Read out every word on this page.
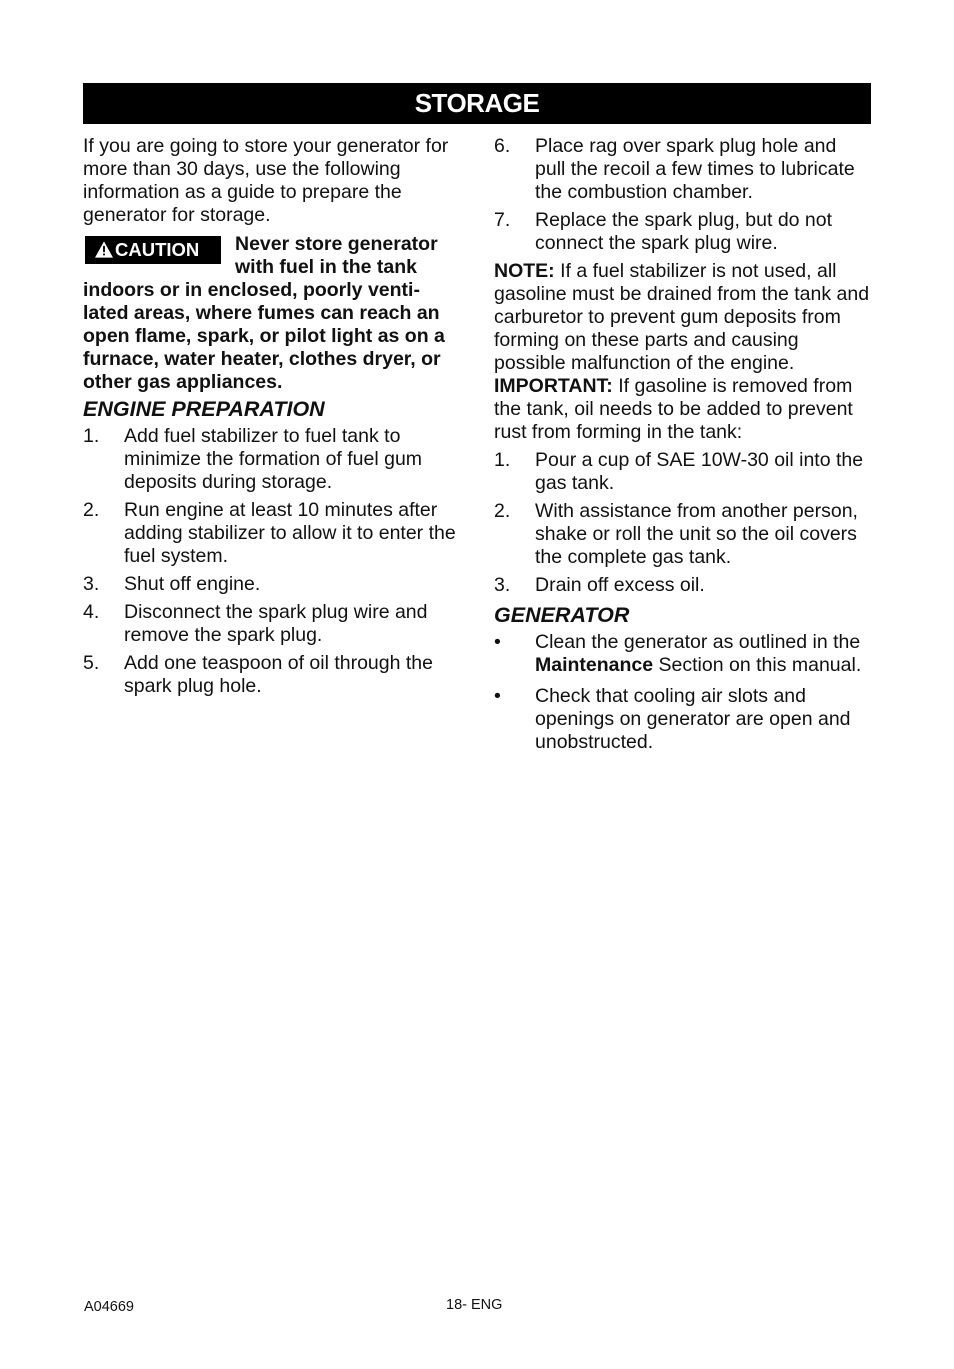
STORAGE

If you are going to store your generator for more than 30 days, use the following information as a guide to prepare the generator for storage.

CAUTION	Never store generator with fuel in the tank indoors or in enclosed, poorly venti-lated areas, where fumes can reach an open flame, spark, or pilot light as on a furnace, water heater, clothes dryer, or other gas appliances.
ENGINE PREPARATION
1.	Add fuel stabilizer to fuel tank to minimize the formation of fuel gum deposits during storage.
2.	Run engine at least 10 minutes after adding stabilizer to allow it to enter the fuel system.
3.	Shut off engine.
4.	Disconnect the spark plug wire and remove the spark plug.
5.	Add one teaspoon of oil through the spark plug hole.
6.	Place rag over spark plug hole and pull the recoil a few times to lubricate the combustion chamber.
7.	Replace the spark plug, but do not connect the spark plug wire.

NOTE: If a fuel stabilizer is not used, all gasoline must be drained from the tank and carburetor to prevent gum deposits from forming on these parts and causing possible malfunction of the engine.

IMPORTANT: If gasoline is removed from the tank, oil needs to be added to prevent rust from forming in the tank:

1.	Pour a cup of SAE 10W-30 oil into the gas tank.
2.	With assistance from another person, shake or roll the unit so the oil covers the complete gas tank.
3.	Drain off excess oil.
GENERATOR
•	Clean the generator as outlined in the Maintenance Section on this manual.
•	Check that cooling air slots and openings on generator are open and unobstructed.
A04669	18- ENG
